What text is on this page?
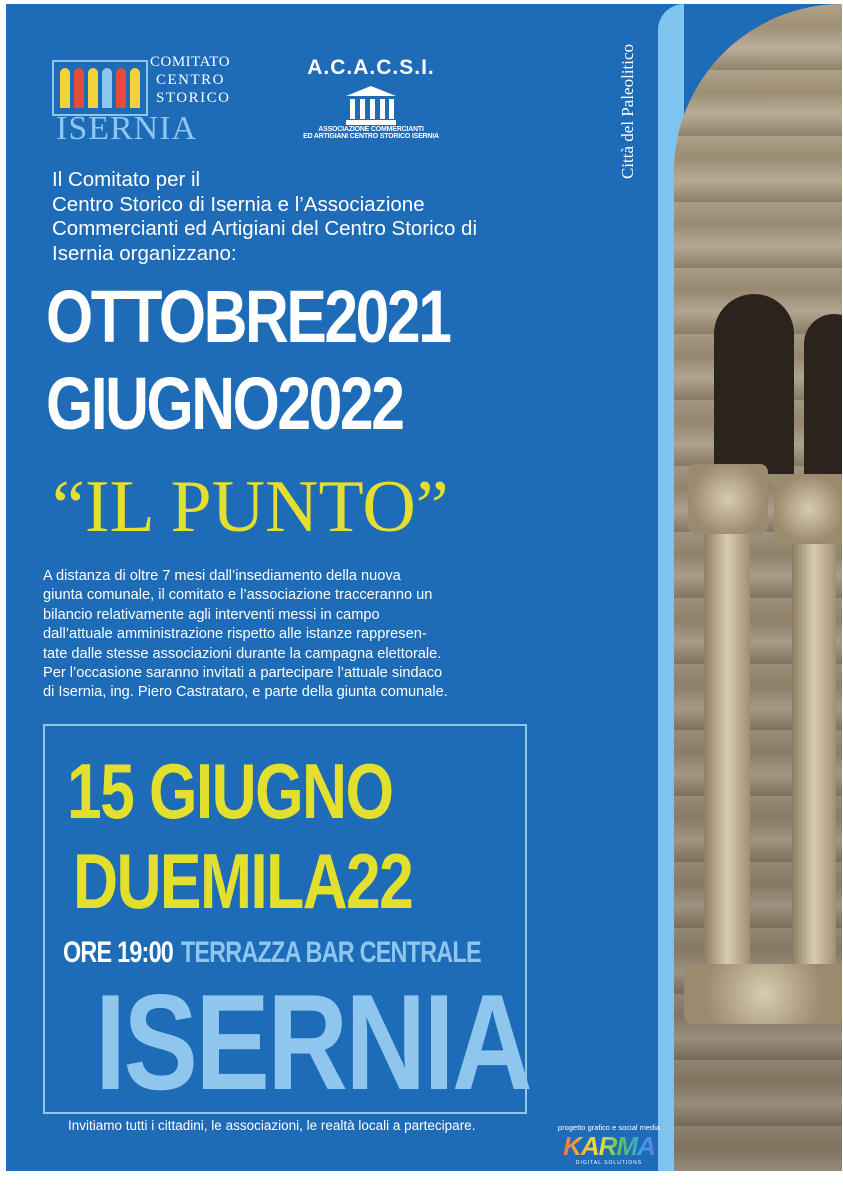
Città del Paleolitico
COMITATO
CENTRO
STORICO
ISERNIA
A.C.A.C.S.I.
ASSOCIAZIONE COMMERCIANTI
ED ARTIGIANI CENTRO STORICO ISERNIA
Il Comitato per il
Centro Storico di Isernia e l’Associazione
Commercianti ed Artigiani del Centro Storico di
Isernia organizzano:
OTTOBRE2021
GIUGNO2022
“IL PUNTO”
A distanza di oltre 7 mesi dall’insediamento della nuova
giunta comunale, il comitato e l’associazione tracceranno un
bilancio relativamente agli interventi messi in campo
dall’attuale amministrazione rispetto alle istanze rappresen-
tate dalle stesse associazioni durante la campagna elettorale.
Per l’occasione saranno invitati a partecipare l’attuale sindaco
di Isernia, ing. Piero Castrataro, e parte della giunta comunale.
15 GIUGNO
DUEMILA22
ORE 19:00 TERRAZZA BAR CENTRALE
ISERNIA
Invitiamo tutti i cittadini, le associazioni, le realtà locali a partecipare.	progetto grafico e social media
KARMA
DIGITAL SOLUTIONS
